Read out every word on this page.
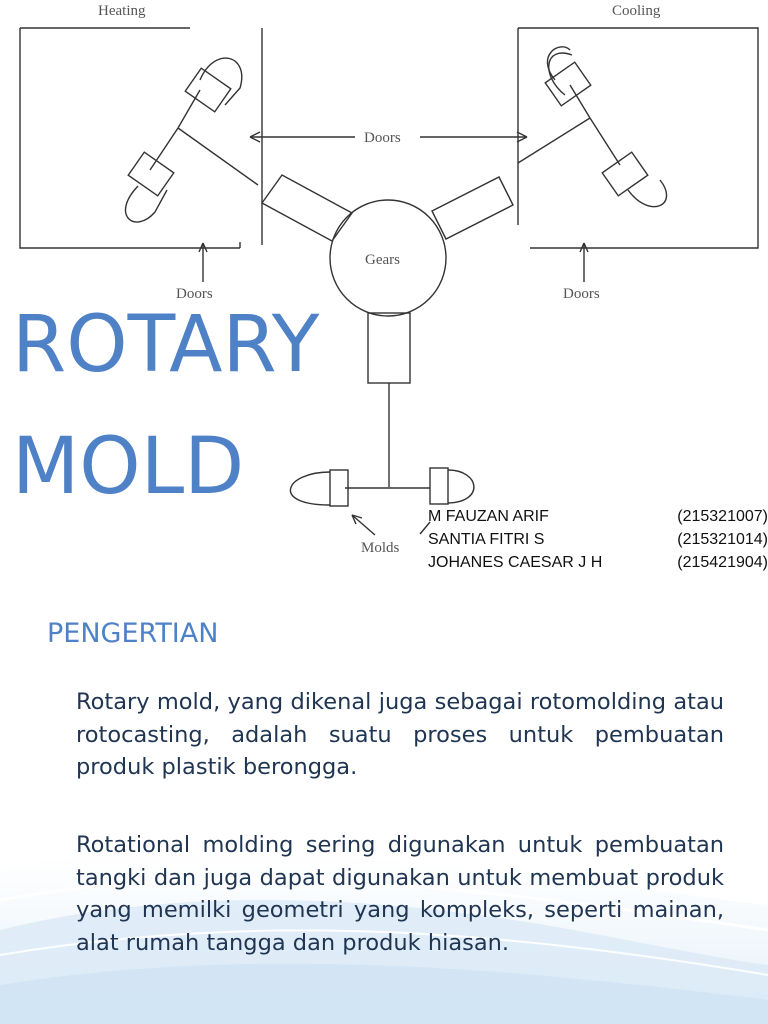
Heating	Cooling
Doors
Doors	Doors
Gears
Molds
ROTARY
MOLD
M FAUZAN ARIF	(215321007)
SANTIA FITRI S	(215321014)
JOHANES CAESAR J H	(215421904)
PENGERTIAN
Rotary mold, yang dikenal juga sebagai rotomolding atau rotocasting, adalah suatu proses untuk pembuatan produk plastik berongga.
Rotational molding sering digunakan untuk pembuatan tangki dan juga dapat digunakan untuk membuat produk yang memilki geometri yang kompleks, seperti mainan, alat rumah tangga dan produk hiasan.
